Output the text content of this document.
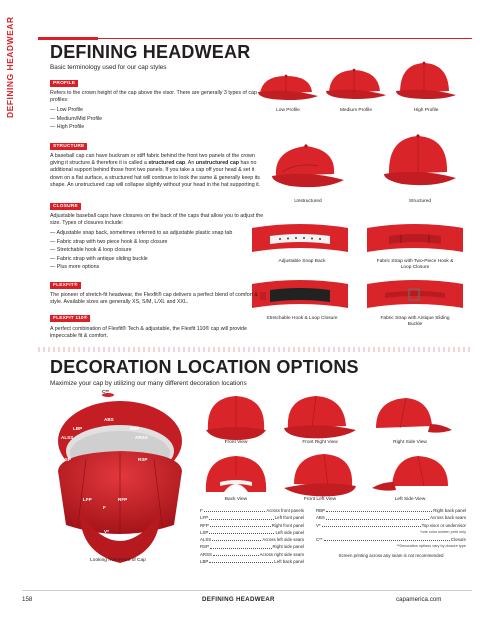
DEFINING HEADWEAR DEFINING HEADWEAR
Basic terminology used for our cap styles
PROFILE
Refers to the crown height of the cap above the visor. There are generally 3 types of cap profiles:
— Low Profile
— Medium/Mid Profile
— High Profile
Low Profile	Medium Profile	High Profile
STRUCTURE
A baseball cap can have buckram or stiff fabric behind the front two panels of the crown giving it structure & therefore it is called a structured cap. An unstructured cap has no additional support behind those front two panels. If you take a cap off your head & set it down on a flat surface, a structured hat will continue to look the same & generally keep its shape. An unstructured cap will collapse slightly without your head in the hat supporting it.
Unstructured	Structured
CLOSURE
Adjustable baseball caps have closures on the back of the caps that allow you to adjust the size. Types of closures include:
— Adjustable snap back, sometimes referred to as adjustable plastic snap tab
— Fabric strap with two piece hook & loop closure
— Stretchable hook & loop closure
— Fabric strap with antique sliding buckle
— Plus more options
Adjustable Snap Back	Fabric Strap with Two-Piece Hook & Loop Closure
Stretchable Hook & Loop Closure	Fabric Strap with Antique Sliding Buckle
FLEXFIT®
The pioneer of stretch-fit headwear, the Flexfit® cap delivers a perfect blend of comfort & style. Available sizes are generally XS, S/M, L/XL and XXL.
FLEXFIT 110®
A perfect combination of Flexfit® Tech & adjustable, the Flexfit 110® cap will provide impeccable fit & comfort.
DECORATION LOCATION OPTIONS
Maximize your cap by utilizing our many different decoration locations
C**
ABS
LBP	RBP
ALSS	ARSS
LSP	RSP
LFP	RFP
F
V*
Looking from Front of Cap
Front View	Front Right View	Right Side View
Back View	Front Left View	Left Side View
F	Across front panels
LFP	Left front panel
RFP	Right front panel
LSP	Left side panel
ALSS	Across left side seam
RSP	Right side panel
ARSS	Across right side seam
LBP	Left back panel
RBP	Right back panel
ABS	Across back seam
V*	Top visor or undervisor
*one color screen print only
C**	Closure
**Decoration options vary by closure type
Screen printing across any seam is not recommended
158	DEFINING HEADWEAR	capamerica.com
